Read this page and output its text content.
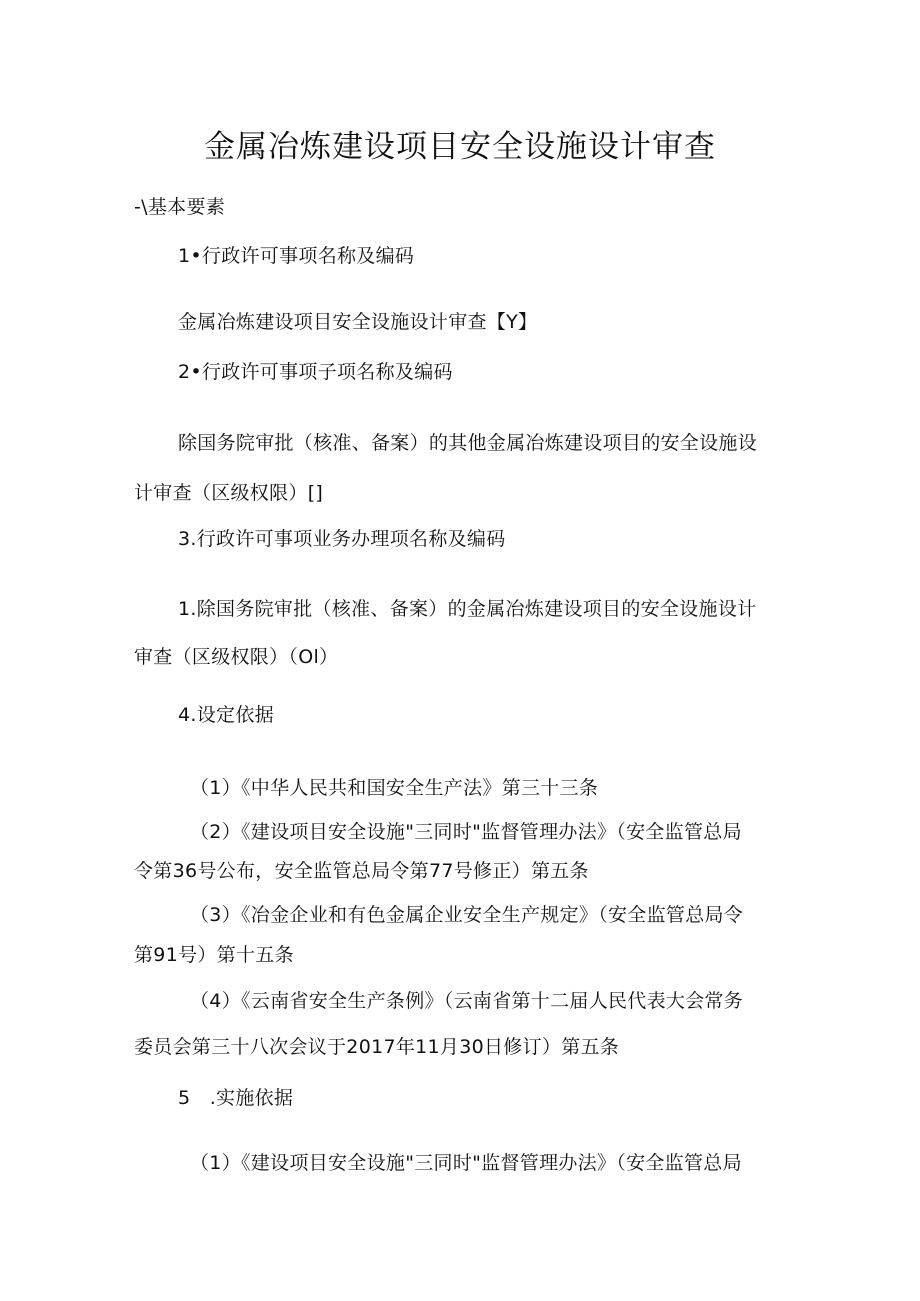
金属冶炼建设项目安全设施设计审查
-\基本要素
1•行政许可事项名称及编码
金属冶炼建设项目安全设施设计审查【Y】
2•行政许可事项子项名称及编码
除国务院审批（核准、备案）的其他金属冶炼建设项目的安全设施设
计审查（区级权限）[]
3.行政许可事项业务办理项名称及编码
1.除国务院审批（核准、备案）的金属冶炼建设项目的安全设施设计
审查（区级权限）（Ol）
4.设定依据
（1）《中华人民共和国安全生产法》第三十三条
（2）《建设项目安全设施"三同时"监督管理办法》（安全监管总局
令第36号公布，安全监管总局令第77号修正）第五条
（3）《冶金企业和有色金属企业安全生产规定》（安全监管总局令
第91号）第十五条
（4）《云南省安全生产条例》（云南省第十二届人民代表大会常务
委员会第三十八次会议于2017年11月30日修订）第五条
5　.实施依据
（1）《建设项目安全设施"三同时"监督管理办法》（安全监管总局
